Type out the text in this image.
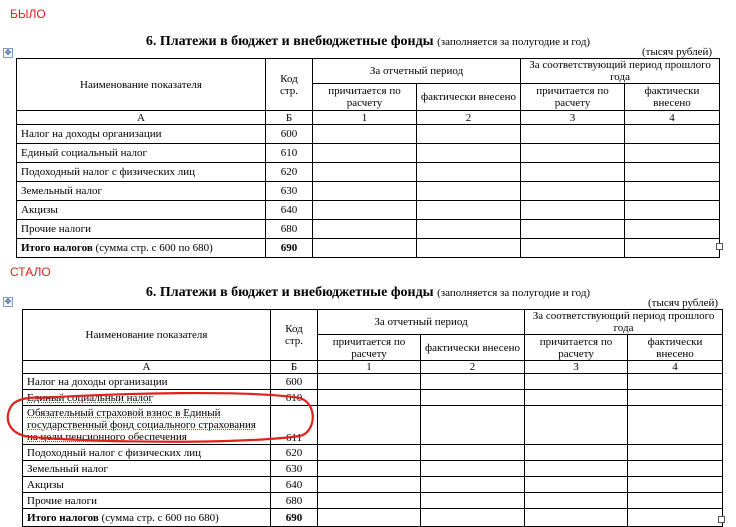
БЫЛО
✥
6. Платежи в бюджет и внебюджетные фонды (заполняется за полугодие и год)
(тысяч рублей)
Наименование показателя	Код стр.	За отчетный период		За соответствующий период прошлого года	
		причитается по расчету	фактически внесено	причитается по расчету	фактически внесено
А	Б	1	2	3	4
Налог на доходы организации	600				
Единый социальный налог	610				
Подоходный налог с физических лиц	620				
Земельный налог	630				
Акцизы	640				
Прочие налоги	680				
Итого налогов (сумма стр. с 600 по 680)	690				
СТАЛО
✥
6. Платежи в бюджет и внебюджетные фонды (заполняется за полугодие и год)
(тысяч рублей)
Наименование показателя	Код стр.	За отчетный период		За соответствующий период прошлого года	
		причитается по расчету	фактически внесено	причитается по расчету	фактически внесено
А	Б	1	2	3	4
Налог на доходы организации	600				
Единый социальный налог	610				
Обязательный страховой взнос в Единый государственный фонд социального страхования на цели пенсионного обеспечения	611				
Подоходный налог с физических лиц	620				
Земельный налог	630				
Акцизы	640				
Прочие налоги	680				
Итого налогов (сумма стр. с 600 по 680)	690				
